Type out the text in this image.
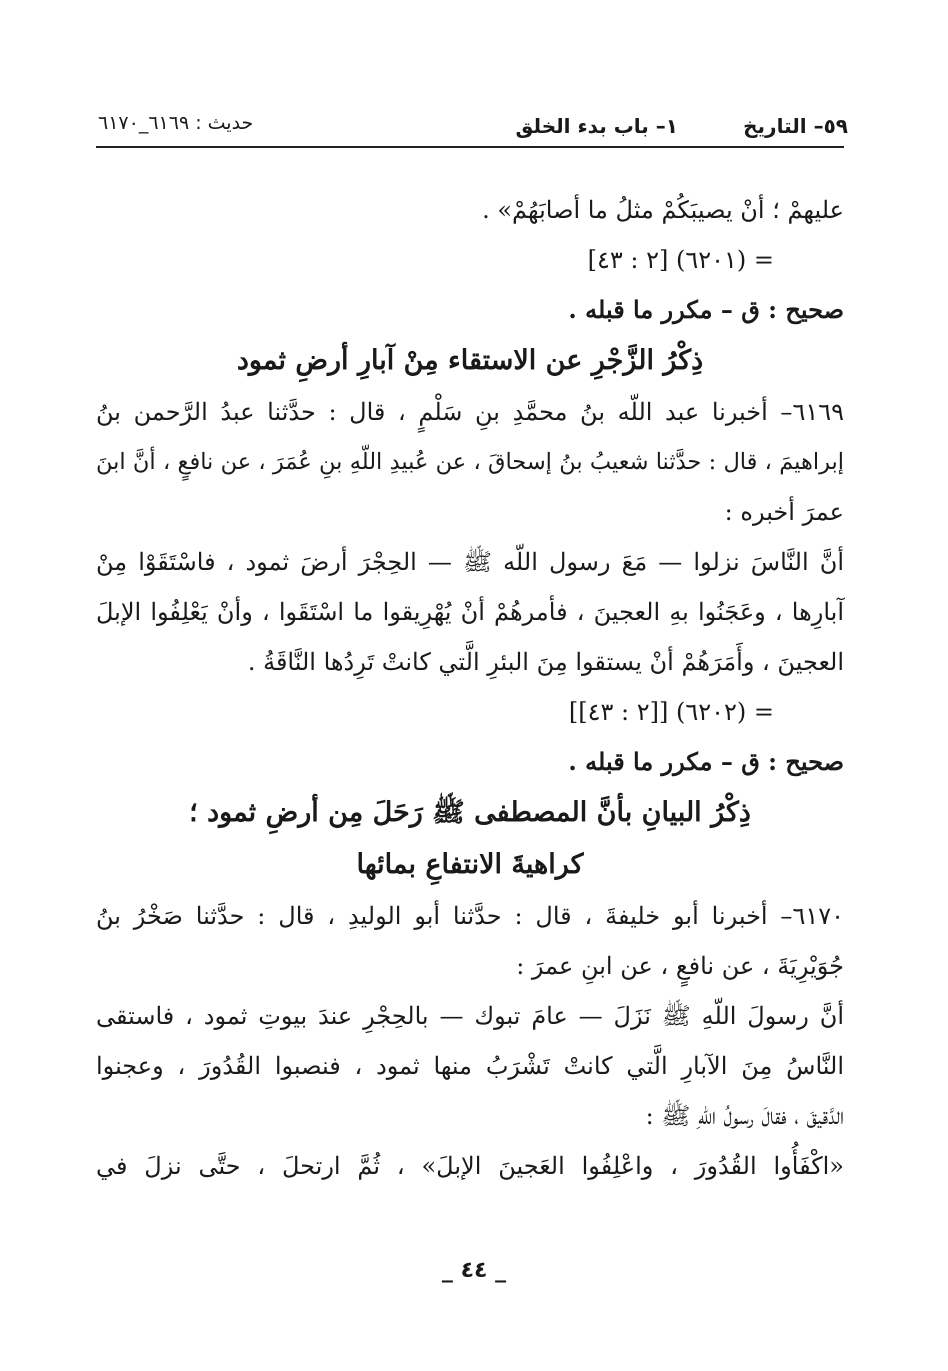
٥٩– التاريخ
١– باب بدء الخلق
حديث : ٦١٦٩_٦١٧٠
عليهمْ ؛ أنْ يصيبَكُمْ مثلُ ما أصابَهُمْ» .
= (٦٢٠١) [٢ : ٤٣]
صحيح : ق – مكرر ما قبله .
ذِكْرُ الزَّجْرِ عن الاستقاء مِنْ آبارِ أرضِ ثمود
٦١٦٩– أخبرنا عبد اللّه بنُ محمَّدِ بنِ سَلْمٍ ، قال : حدَّثنا عبدُ الرَّحمن بنُ
إبراهيمَ ، قال : حدَّثنا شعيبُ بنُ إسحاقَ ، عن عُبيدِ اللّهِ بنِ عُمَرَ ، عن نافعٍ ، أنَّ ابنَ
عمرَ أخبره :
أنَّ النَّاسَ نزلوا — مَعَ رسول اللّه ﷺ — الحِجْرَ أرضَ ثمود ، فاسْتَقَوْا مِنْ
آبارِها ، وعَجَنُوا بهِ العجينَ ، فأمرهُمْ أنْ يُهْرِيقوا ما اسْتَقَوا ، وأنْ يَعْلِفُوا الإبلَ
العجينَ ، وأَمَرَهُمْ أنْ يستقوا مِنَ البئرِ الَّتي كانتْ تَرِدُها النَّاقَةُ .
= (٦٢٠٢) [[٢ : ٤٣]]
صحيح : ق – مكرر ما قبله .
ذِكْرُ البيانِ بأنَّ المصطفى ﷺ رَحَلَ مِن أرضِ ثمود ؛
كراهيةَ الانتفاعِ بمائها
٦١٧٠– أخبرنا أبو خليفةَ ، قال : حدَّثنا أبو الوليدِ ، قال : حدَّثنا صَخْرُ بنُ
جُوَيْرِيَةَ ، عن نافعٍ ، عن ابنِ عمرَ :
أنَّ رسولَ اللّهِ ﷺ نَزَلَ — عامَ تبوك — بالحِجْرِ عندَ بيوتِ ثمود ، فاستقى
النَّاسُ مِنَ الآبارِ الَّتي كانتْ تَشْرَبُ منها ثمود ، فنصبوا القُدُورَ ، وعجنوا
الدَّقيقَ ، فقالَ رسولُ اللّهِ ﷺ :
«اكْفَأُوا القُدُورَ ، واعْلِفُوا العَجينَ الإبلَ» ، ثُمَّ ارتحلَ ، حتَّى نزلَ في
_ ٤٤ _
